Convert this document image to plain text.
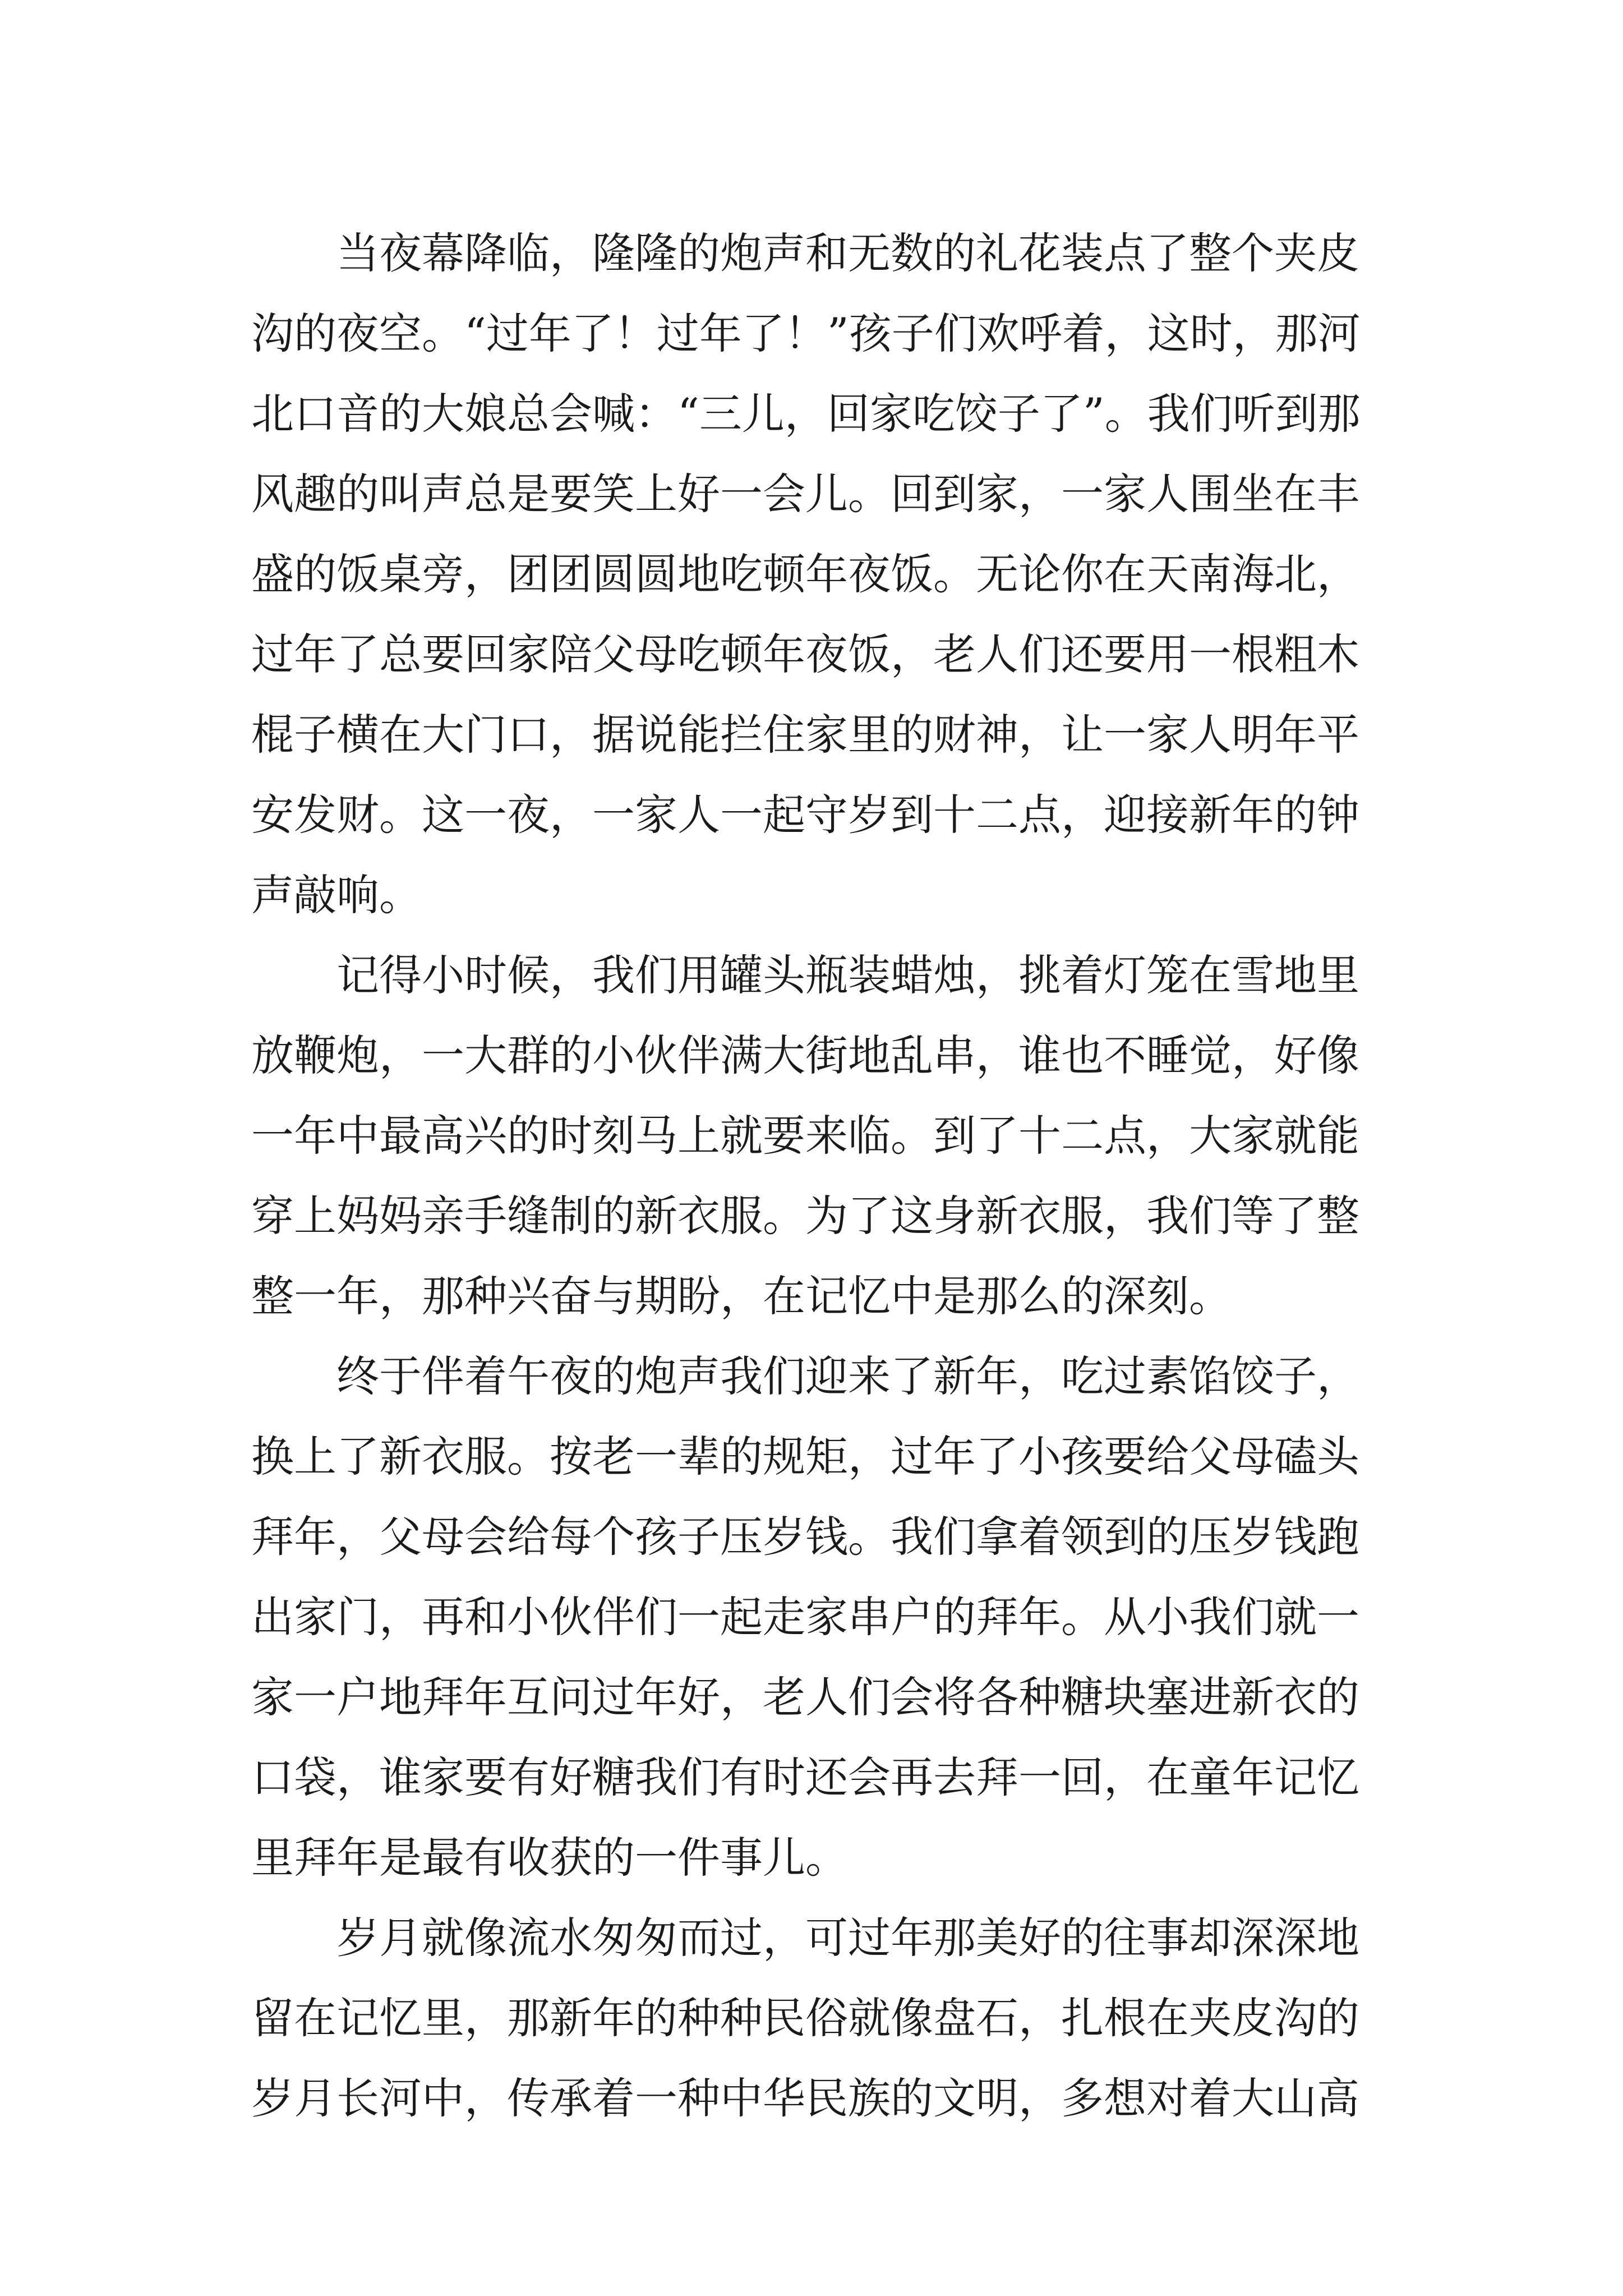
当夜幕降临，隆隆的炮声和无数的礼花装点了整个夹皮
沟的夜空。“过年了！过年了！”孩子们欢呼着，这时，那河
北口音的大娘总会喊：“三儿，回家吃饺子了”。我们听到那
风趣的叫声总是要笑上好一会儿。回到家，一家人围坐在丰
盛的饭桌旁，团团圆圆地吃顿年夜饭。无论你在天南海北，
过年了总要回家陪父母吃顿年夜饭，老人们还要用一根粗木
棍子横在大门口，据说能拦住家里的财神，让一家人明年平
安发财。这一夜，一家人一起守岁到十二点，迎接新年的钟
声敲响。

记得小时候，我们用罐头瓶装蜡烛，挑着灯笼在雪地里
放鞭炮，一大群的小伙伴满大街地乱串，谁也不睡觉，好像
一年中最高兴的时刻马上就要来临。到了十二点，大家就能
穿上妈妈亲手缝制的新衣服。为了这身新衣服，我们等了整
整一年，那种兴奋与期盼，在记忆中是那么的深刻。

终于伴着午夜的炮声我们迎来了新年，吃过素馅饺子，
换上了新衣服。按老一辈的规矩，过年了小孩要给父母磕头
拜年，父母会给每个孩子压岁钱。我们拿着领到的压岁钱跑
出家门，再和小伙伴们一起走家串户的拜年。从小我们就一
家一户地拜年互问过年好，老人们会将各种糖块塞进新衣的
口袋，谁家要有好糖我们有时还会再去拜一回，在童年记忆
里拜年是最有收获的一件事儿。

岁月就像流水匆匆而过，可过年那美好的往事却深深地
留在记忆里，那新年的种种民俗就像盘石，扎根在夹皮沟的
岁月长河中，传承着一种中华民族的文明，多想对着大山高
